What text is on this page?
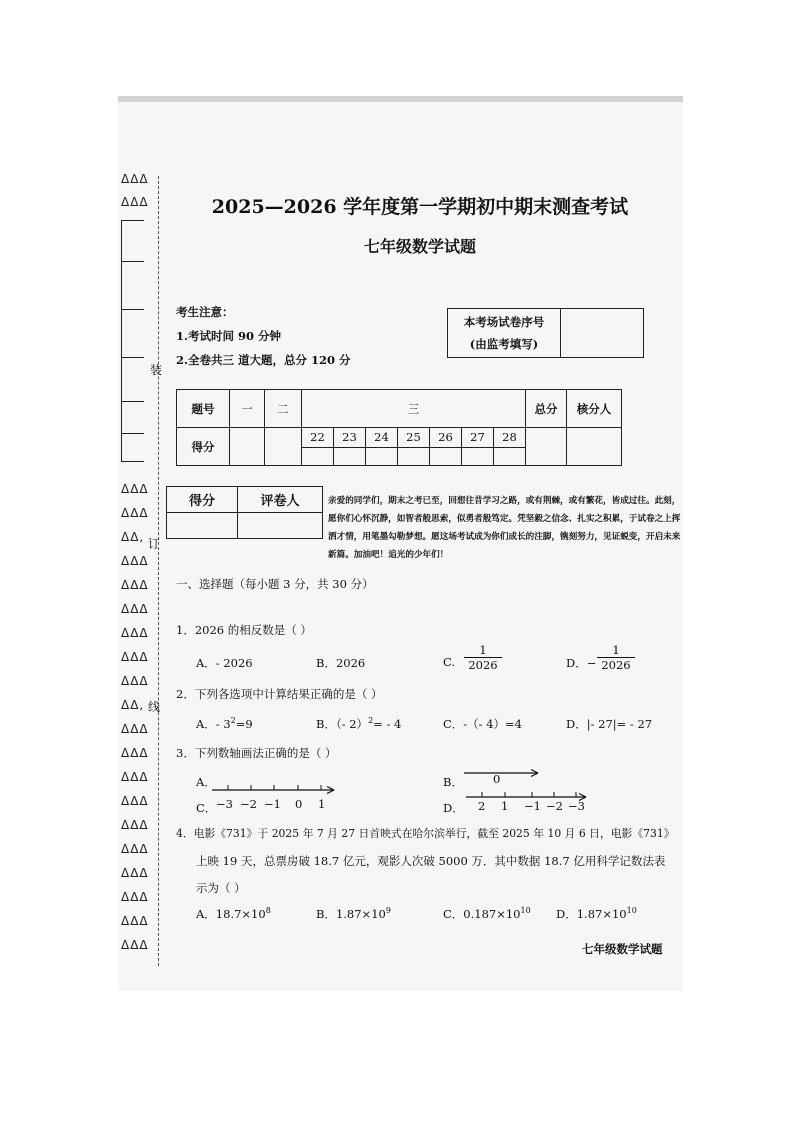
ΔΔΔ
ΔΔΔ
装
ΔΔΔ
ΔΔΔ
ΔΔ, 订
ΔΔΔ
ΔΔΔ
ΔΔΔ
ΔΔΔ
ΔΔΔ
ΔΔΔ
ΔΔ, 线
ΔΔΔ
ΔΔΔ
ΔΔΔ
ΔΔΔ
ΔΔΔ
ΔΔΔ
ΔΔΔ
ΔΔΔ
ΔΔΔ
ΔΔΔ
2025—2026 学年度第一学期初中期末测查考试
七年级数学试题
考生注意：
1.考试时间 90 分钟
2.全卷共三 道大题，总分 120 分
本考场试卷序号
(由监考填写)	
题号	一	二	三							总分	核分人
得分			22	23	24	25	26	27	28

得分	评卷人
		亲爱的同学们，期末之考已至，回想往昔学习之路，或有荆棘，或有繁花，皆成过往。此刻，愿你们心怀沉静，如智者般思索，似勇者般笃定。凭坚毅之信念、扎实之积累，于试卷之上挥洒才情，用笔墨勾勒梦想。愿这场考试成为你们成长的注脚，镌刻努力，见证蜕变，开启未来新篇。加油吧！追光的少年们！
一、选择题（每小题 3 分，共 30 分）
1．2026 的相反数是（ ）
A．- 2026	B．2026	C. $\frac{1}{2026}$	D．− $\frac{1}{2026}$
2．下列各选项中计算结果正确的是（ ）
A．- $3^2=9$	B．（- 2）$^2$= - 4	C．-（- 4）=4	D．|- 27|= - 27
3．下列数轴画法正确的是（ ）
A．	B．
C．	D．
−3 −2 −1 0 1
0
2 1 −1 −2 −3
4．电影《731》于 2025 年 7 月 27 日首映式在哈尔滨举行，截至 2025 年 10 月 6 日，电影《731》
上映 19 天，总票房破 18.7 亿元，观影人次破 5000 万．其中数据 18.7 亿用科学记数法表
示为（ ）
A．$18.7\times 10^8$	B．$1.87\times 10^9$	C．$0.187\times 10^{10}$ D．$1.87\times 10^{10}$
七年级数学试题
